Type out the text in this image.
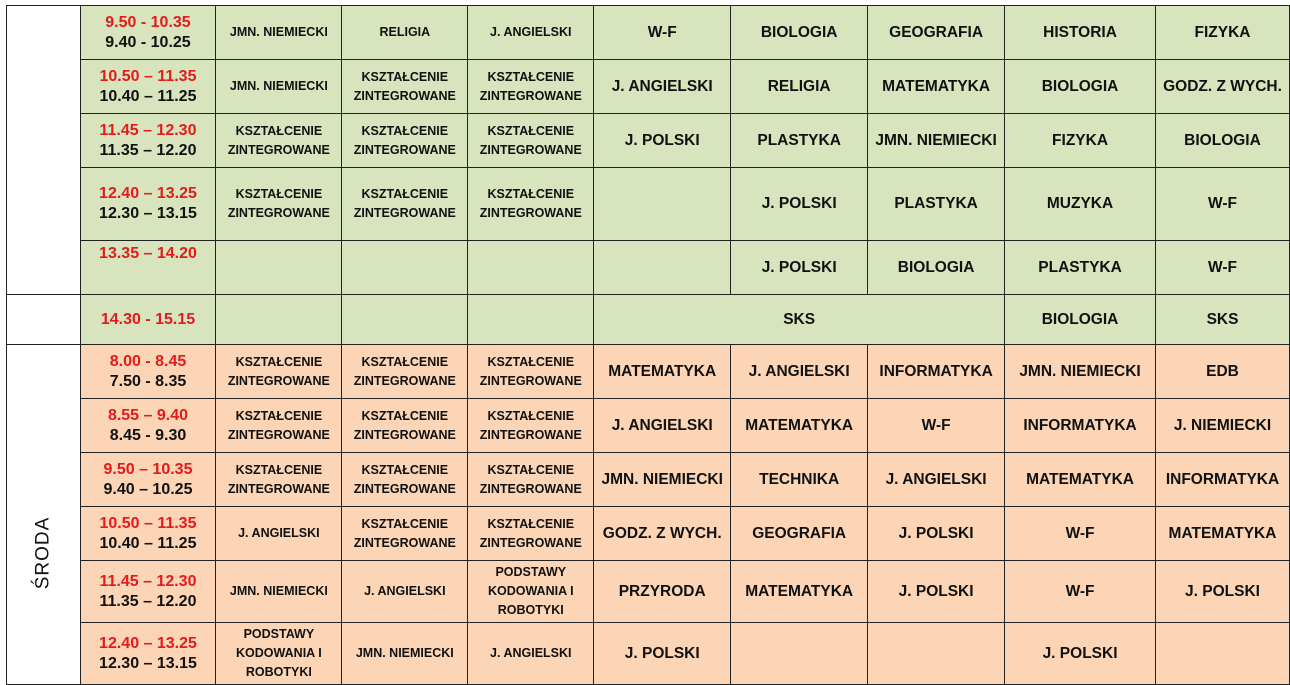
	9.50 - 10.35
9.40 - 10.25	JMN. NIEMIECKI	RELIGIA	J. ANGIELSKI	W-F	BIOLOGIA	GEOGRAFIA	HISTORIA	FIZYKA

	10.50 – 11.35
10.40 – 11.25	JMN. NIEMIECKI	KSZTAŁCENIE ZINTEGROWANE	KSZTAŁCENIE ZINTEGROWANE	J. ANGIELSKI	RELIGIA	MATEMATYKA	BIOLOGIA	GODZ. Z WYCH.

	11.45 – 12.30
11.35 – 12.20	KSZTAŁCENIE ZINTEGROWANE	KSZTAŁCENIE ZINTEGROWANE	KSZTAŁCENIE ZINTEGROWANE	J. POLSKI	PLASTYKA	JMN. NIEMIECKI	FIZYKA	BIOLOGIA

	12.40 – 13.25
12.30 – 13.15	KSZTAŁCENIE ZINTEGROWANE	KSZTAŁCENIE ZINTEGROWANE	KSZTAŁCENIE ZINTEGROWANE		J. POLSKI	PLASTYKA	MUZYKA	W-F

	13.35 – 14.20					J. POLSKI	BIOLOGIA	PLASTYKA	W-F

	14.30 - 15.15				SKS			BIOLOGIA	SKS
ŚRODA	8.00 - 8.45
7.50 - 8.35	KSZTAŁCENIE ZINTEGROWANE	KSZTAŁCENIE ZINTEGROWANE	KSZTAŁCENIE ZINTEGROWANE	MATEMATYKA	J. ANGIELSKI	INFORMATYKA	JMN. NIEMIECKI	EDB

	8.55 – 9.40
8.45 - 9.30	KSZTAŁCENIE ZINTEGROWANE	KSZTAŁCENIE ZINTEGROWANE	KSZTAŁCENIE ZINTEGROWANE	J. ANGIELSKI	MATEMATYKA	W-F	INFORMATYKA	J. NIEMIECKI

	9.50 – 10.35
9.40 – 10.25	KSZTAŁCENIE ZINTEGROWANE	KSZTAŁCENIE ZINTEGROWANE	KSZTAŁCENIE ZINTEGROWANE	JMN. NIEMIECKI	TECHNIKA	J. ANGIELSKI	MATEMATYKA	INFORMATYKA

	10.50 – 11.35
10.40 – 11.25	J. ANGIELSKI	KSZTAŁCENIE ZINTEGROWANE	KSZTAŁCENIE ZINTEGROWANE	GODZ. Z WYCH.	GEOGRAFIA	J. POLSKI	W-F	MATEMATYKA

	11.45 – 12.30
11.35 – 12.20	JMN. NIEMIECKI	J. ANGIELSKI	PODSTAWY KODOWANIA I ROBOTYKI	PRZYRODA	MATEMATYKA	J. POLSKI	W-F	J. POLSKI

	12.40 – 13.25
12.30 – 13.15	PODSTAWY KODOWANIA I ROBOTYKI	JMN. NIEMIECKI	J. ANGIELSKI	J. POLSKI			J. POLSKI	
